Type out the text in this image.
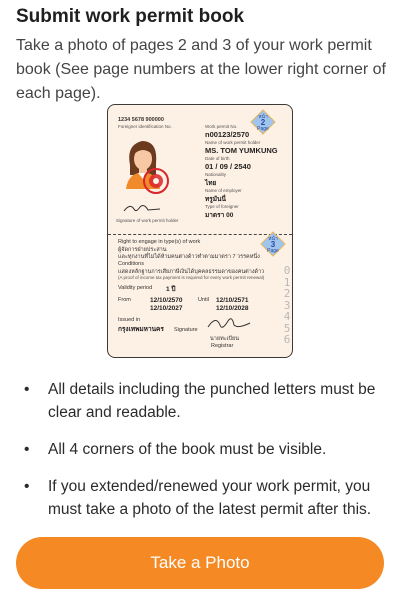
Submit work permit book
Take a photo of pages 2 and 3 of your work permit book (See page numbers at the lower right corner of each page).
หน้า
2
Page
1234 5678 900000
Foreigner identification No.	Work permit No.
n00123/2570
Name of work permit holder
MS. TOM YUMKUNG
Date of birth
01 / 09 / 2540
Nationality
ไทย
Name of employer
ทรูมันนี่
Type of foreigner
มาตรา 00
Signature of work permit holder
หน้า
3
Page
Right to engage in type(s) of work
ผู้จัดการฝ่ายประสาน
และทุกงานที่ไม่ได้ห้ามคนต่างด้าวทำตามมาตรา 7 วรรคหนึ่ง
Conditions
แสดงหลักฐานการเสียภาษีเงินได้บุคคลธรรมดาของคนต่างด้าว
(A proof of income tax payment is required for every work permit renewal)
Validity period 1 ปี
From	12/10/2570
12/10/2027
Until 12/10/2571
12/10/2028
Issued in
กรุงเทพมหานคร Signature
นายทะเบียน
Registrar
0123456
• All details including the punched letters must be clear and readable.
• All 4 corners of the book must be visible.
• If you extended/renewed your work permit, you must take a photo of the latest permit after this.
Take a Photo
